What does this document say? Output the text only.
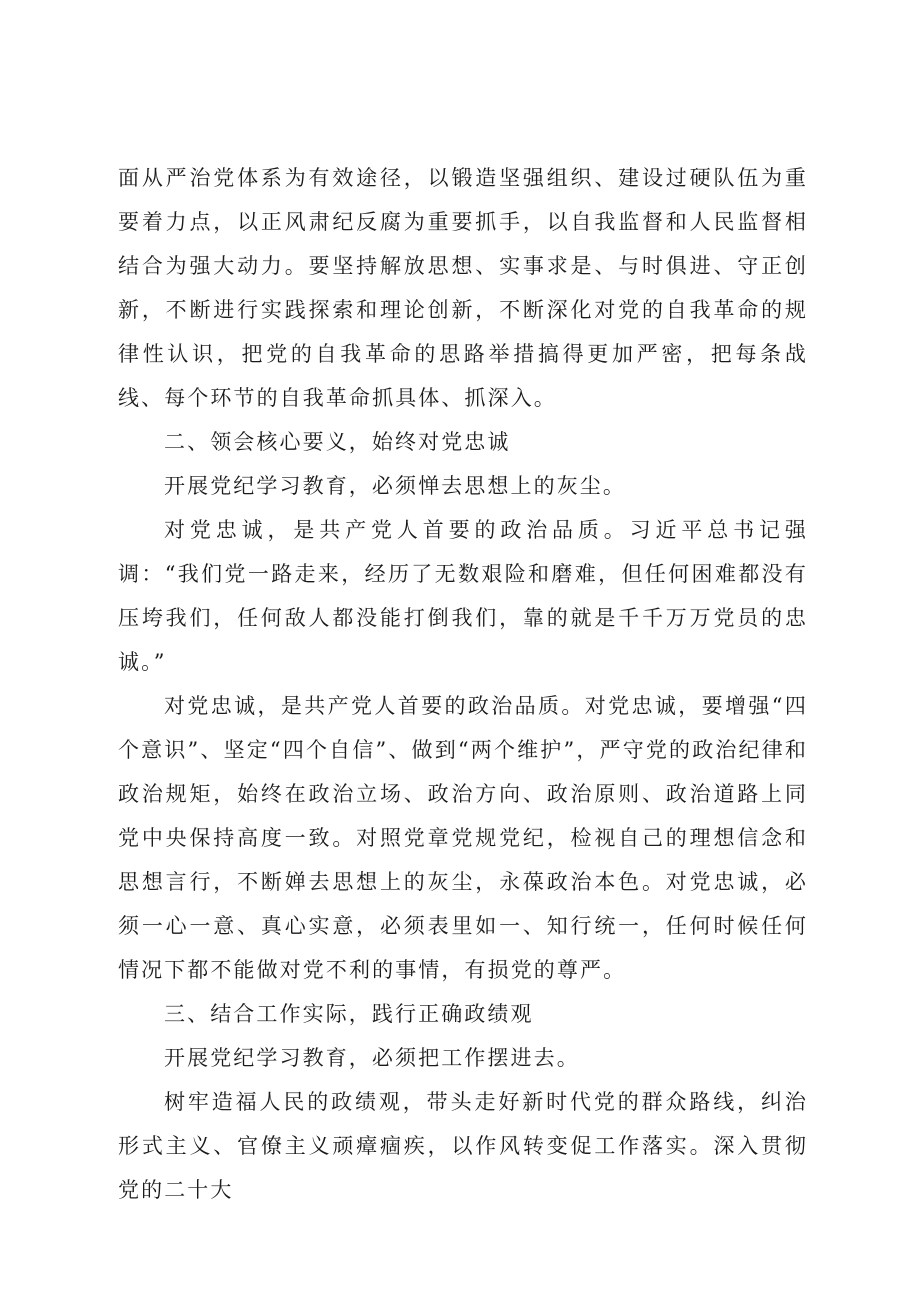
面从严治党体系为有效途径，以锻造坚强组织、建设过硬队伍为重要着力点，以正风肃纪反腐为重要抓手，以自我监督和人民监督相结合为强大动力。要坚持解放思想、实事求是、与时俱进、守正创新，不断进行实践探索和理论创新，不断深化对党的自我革命的规律性认识，把党的自我革命的思路举措搞得更加严密，把每条战线、每个环节的自我革命抓具体、抓深入。

二、领会核心要义，始终对党忠诚

开展党纪学习教育，必须惮去思想上的灰尘。

对党忠诚，是共产党人首要的政治品质。习近平总书记强调：“我们党一路走来，经历了无数艰险和磨难，但任何困难都没有压垮我们，任何敌人都没能打倒我们，靠的就是千千万万党员的忠诚。”

对党忠诚，是共产党人首要的政治品质。对党忠诚，要增强“四个意识”、坚定“四个自信”、做到“两个维护”，严守党的政治纪律和政治规矩，始终在政治立场、政治方向、政治原则、政治道路上同党中央保持高度一致。对照党章党规党纪，检视自己的理想信念和思想言行，不断婵去思想上的灰尘，永葆政治本色。对党忠诚，必须一心一意、真心实意，必须表里如一、知行统一，任何时候任何情况下都不能做对党不利的事情，有损党的尊严。

三、结合工作实际，践行正确政绩观

开展党纪学习教育，必须把工作摆进去。

树牢造福人民的政绩观，带头走好新时代党的群众路线，纠治形式主义、官僚主义顽瘴痼疾，以作风转变促工作落实。深入贯彻党的二十大
